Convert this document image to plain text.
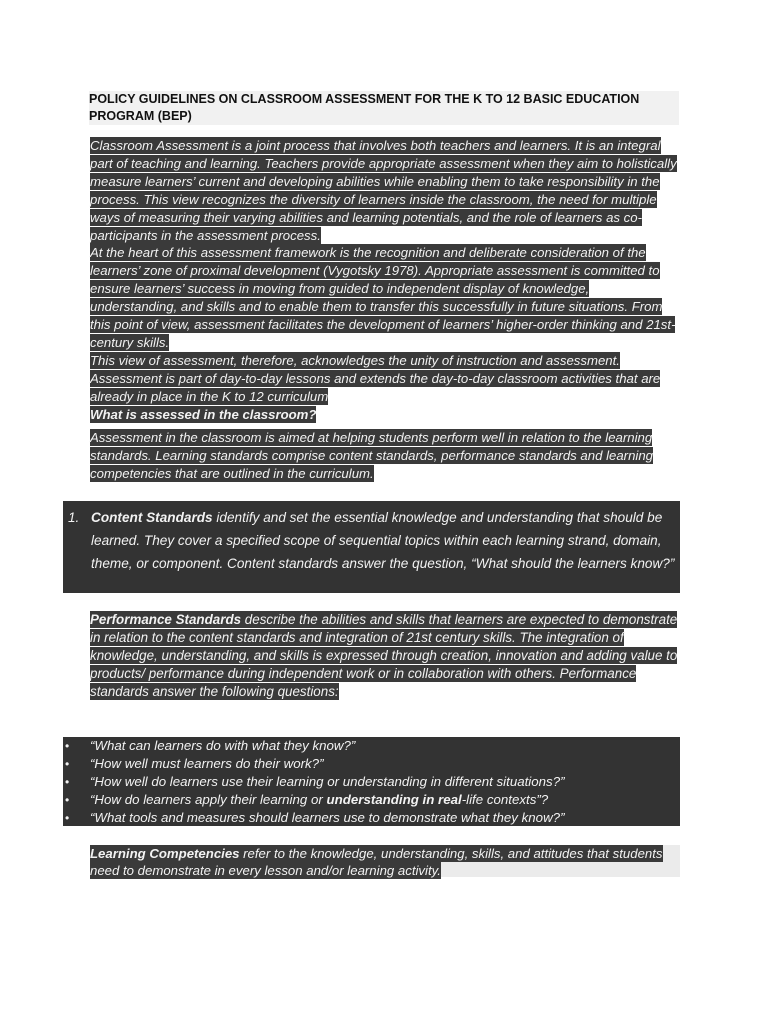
POLICY GUIDELINES ON CLASSROOM ASSESSMENT FOR THE K TO 12 BASIC EDUCATION PROGRAM (BEP)
Classroom Assessment is a joint process that involves both teachers and learners. It is an integral part of teaching and learning. Teachers provide appropriate assessment when they aim to holistically measure learners’ current and developing abilities while enabling them to take responsibility in the process. This view recognizes the diversity of learners inside the classroom, the need for multiple ways of measuring their varying abilities and learning potentials, and the role of learners as co-participants in the assessment process.
At the heart of this assessment framework is the recognition and deliberate consideration of the learners’ zone of proximal development (Vygotsky 1978). Appropriate assessment is committed to ensure learners’ success in moving from guided to independent display of knowledge, understanding, and skills and to enable them to transfer this successfully in future situations. From this point of view, assessment facilitates the development of learners’ higher-order thinking and 21st-century skills.
This view of assessment, therefore, acknowledges the unity of instruction and assessment. Assessment is part of day-to-day lessons and extends the day-to-day classroom activities that are already in place in the K to 12 curriculum
What is assessed in the classroom?
Assessment in the classroom is aimed at helping students perform well in relation to the learning standards. Learning standards comprise content standards, performance standards and learning competencies that are outlined in the curriculum.
1. Content Standards identify and set the essential knowledge and understanding that should be learned. They cover a specified scope of sequential topics within each learning strand, domain, theme, or component. Content standards answer the question, “What should the learners know?”
Performance Standards describe the abilities and skills that learners are expected to demonstrate in relation to the content standards and integration of 21st century skills. The integration of knowledge, understanding, and skills is expressed through creation, innovation and adding value to products/ performance during independent work or in collaboration with others. Performance standards answer the following questions:
• “What can learners do with what they know?”
• “How well must learners do their work?”
• “How well do learners use their learning or understanding in different situations?”
• “How do learners apply their learning or understanding in real-life contexts”?
• “What tools and measures should learners use to demonstrate what they know?”
Learning Competencies refer to the knowledge, understanding, skills, and attitudes that students need to demonstrate in every lesson and/or learning activity.
